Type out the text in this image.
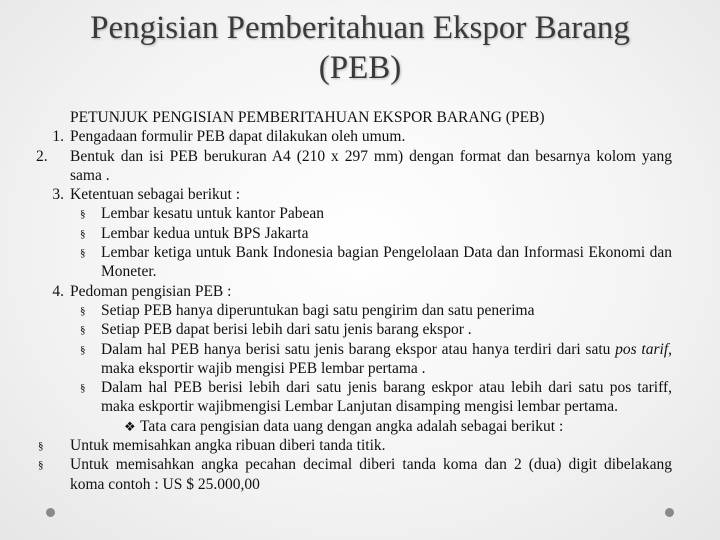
Pengisian Pemberitahuan Ekspor Barang
(PEB)
PETUNJUK PENGISIAN PEMBERITAHUAN EKSPOR BARANG (PEB)
1. Pengadaan formulir PEB dapat dilakukan oleh umum.
2.	Bentuk dan isi PEB berukuran A4 (210 x 297 mm) dengan format dan besarnya kolom yang sama .
3. Ketentuan sebagai berikut :
§ Lembar kesatu untuk kantor Pabean
§ Lembar kedua untuk BPS Jakarta
§ Lembar ketiga untuk Bank Indonesia bagian Pengelolaan Data dan Informasi Ekonomi dan Moneter.
4. Pedoman pengisian PEB :
§ Setiap PEB hanya diperuntukan bagi satu pengirim dan satu penerima
§ Setiap PEB dapat berisi lebih dari satu jenis barang ekspor .
§ Dalam hal PEB hanya berisi satu jenis barang ekspor atau hanya terdiri dari satu pos tarif, maka eksportir wajib mengisi PEB lembar pertama .
§ Dalam hal PEB berisi lebih dari satu jenis barang eskpor atau lebih dari satu pos tariff, maka eskportir wajibmengisi Lembar Lanjutan disamping mengisi lembar pertama.
❖ Tata cara pengisian data uang dengan angka adalah sebagai berikut :
§ Untuk memisahkan angka ribuan diberi tanda titik.
§ Untuk memisahkan angka pecahan decimal diberi tanda koma dan 2 (dua) digit dibelakang koma contoh : US $ 25.000,00
